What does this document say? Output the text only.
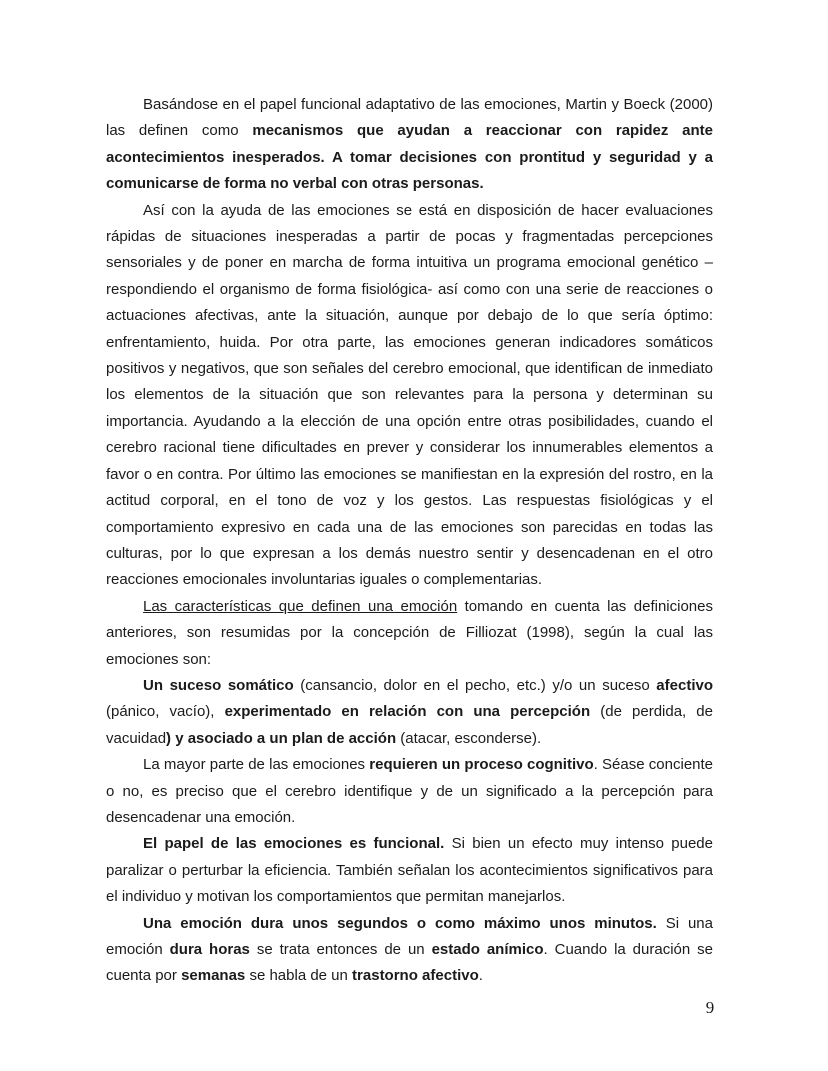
Basándose en el papel funcional adaptativo de las emociones, Martin y Boeck (2000) las definen como mecanismos que ayudan a reaccionar con rapidez ante acontecimientos inesperados. A tomar decisiones con prontitud y seguridad y a comunicarse de forma no verbal con otras personas.

Así con la ayuda de las emociones se está en disposición de hacer evaluaciones rápidas de situaciones inesperadas a partir de pocas y fragmentadas percepciones sensoriales y de poner en marcha de forma intuitiva un programa emocional genético – respondiendo el organismo de forma fisiológica- así como con una serie de reacciones o actuaciones afectivas, ante la situación, aunque por debajo de lo que sería óptimo: enfrentamiento, huida. Por otra parte, las emociones generan indicadores somáticos positivos y negativos, que son señales del cerebro emocional, que identifican de inmediato los elementos de la situación que son relevantes para la persona y determinan su importancia. Ayudando a la elección de una opción entre otras posibilidades, cuando el cerebro racional tiene dificultades en prever y considerar los innumerables elementos a favor o en contra. Por último las emociones se manifiestan en la expresión del rostro, en la actitud corporal, en el tono de voz y los gestos. Las respuestas fisiológicas y el comportamiento expresivo en cada una de las emociones son parecidas en todas las culturas, por lo que expresan a los demás nuestro sentir y desencadenan en el otro reacciones emocionales involuntarias iguales o complementarias.

Las características que definen una emoción tomando en cuenta las definiciones anteriores, son resumidas por la concepción de Filliozat (1998), según la cual las emociones son:

Un suceso somático (cansancio, dolor en el pecho, etc.) y/o un suceso afectivo (pánico, vacío), experimentado en relación con una percepción (de perdida, de vacuidad) y asociado a un plan de acción (atacar, esconderse).

La mayor parte de las emociones requieren un proceso cognitivo. Séase conciente o no, es preciso que el cerebro identifique y de un significado a la percepción para desencadenar una emoción.

El papel de las emociones es funcional. Si bien un efecto muy intenso puede paralizar o perturbar la eficiencia. También señalan los acontecimientos significativos para el individuo y motivan los comportamientos que permitan manejarlos.

Una emoción dura unos segundos o como máximo unos minutos. Si una emoción dura horas se trata entonces de un estado anímico. Cuando la duración se cuenta por semanas se habla de un trastorno afectivo.

9
